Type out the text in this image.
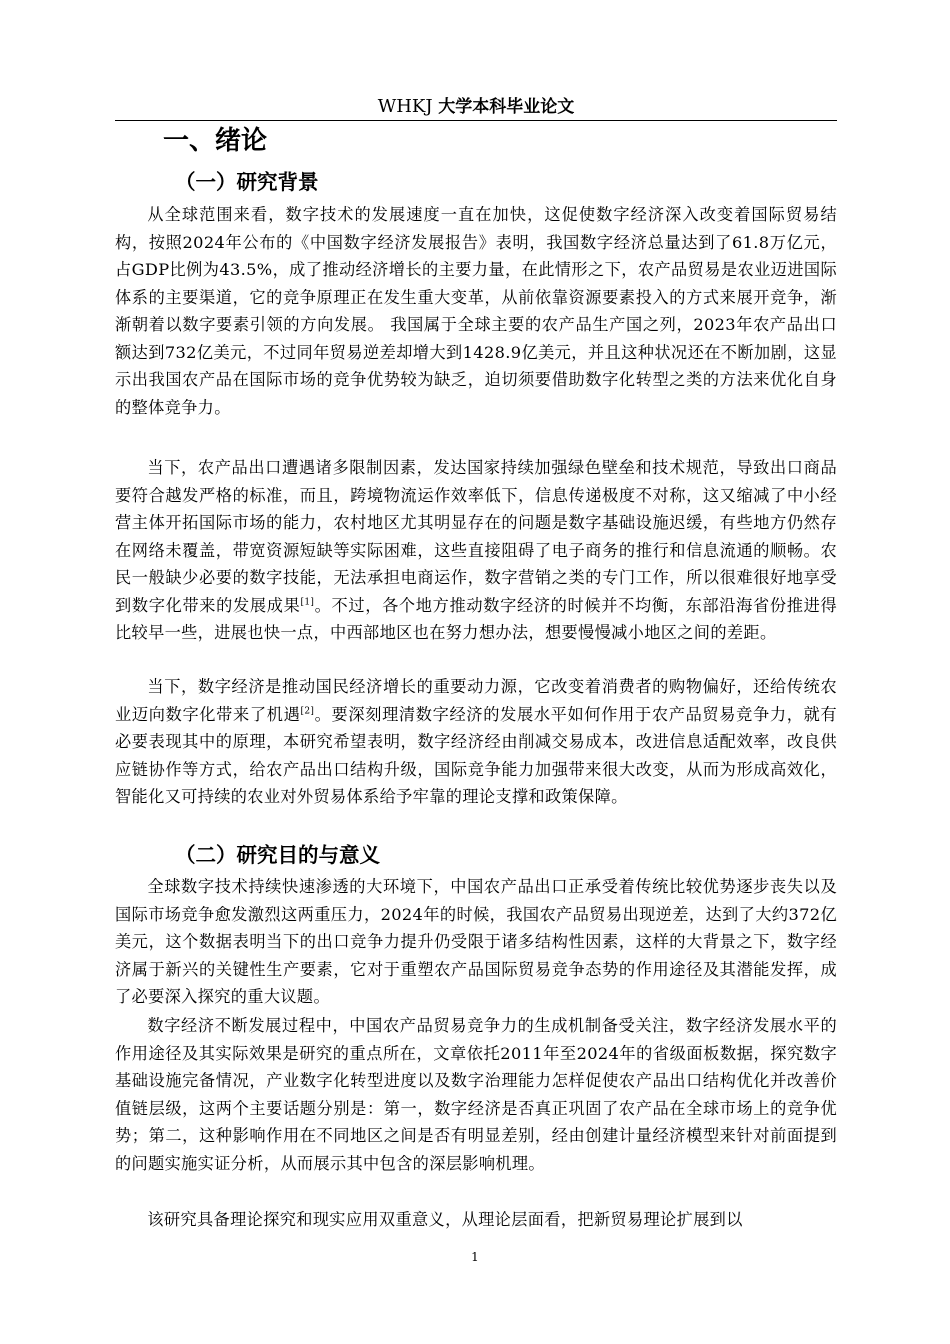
WHKJ 大学本科毕业论文
一、绪论
（一）研究背景

从全球范围来看，数字技术的发展速度一直在加快，这促使数字经济深入改变着国际贸易结构，按照2024年公布的《中国数字经济发展报告》表明，我国数字经济总量达到了61.8万亿元，占GDP比例为43.5%，成了推动经济增长的主要力量，在此情形之下，农产品贸易是农业迈进国际体系的主要渠道，它的竞争原理正在发生重大变革，从前依靠资源要素投入的方式来展开竞争，渐渐朝着以数字要素引领的方向发展。 我国属于全球主要的农产品生产国之列，2023年农产品出口额达到732亿美元，不过同年贸易逆差却增大到1428.9亿美元，并且这种状况还在不断加剧，这显示出我国农产品在国际市场的竞争优势较为缺乏，迫切须要借助数字化转型之类的方法来优化自身的整体竞争力。

当下，农产品出口遭遇诸多限制因素，发达国家持续加强绿色壁垒和技术规范，导致出口商品要符合越发严格的标准，而且，跨境物流运作效率低下，信息传递极度不对称，这又缩减了中小经营主体开拓国际市场的能力，农村地区尤其明显存在的问题是数字基础设施迟缓，有些地方仍然存在网络未覆盖，带宽资源短缺等实际困难，这些直接阻碍了电子商务的推行和信息流通的顺畅。农民一般缺少必要的数字技能，无法承担电商运作，数字营销之类的专门工作，所以很难很好地享受到数字化带来的发展成果[1]。不过，各个地方推动数字经济的时候并不均衡，东部沿海省份推进得比较早一些，进展也快一点，中西部地区也在努力想办法，想要慢慢减小地区之间的差距。

当下，数字经济是推动国民经济增长的重要动力源，它改变着消费者的购物偏好，还给传统农业迈向数字化带来了机遇[2]。要深刻理清数字经济的发展水平如何作用于农产品贸易竞争力，就有必要表现其中的原理，本研究希望表明，数字经济经由削减交易成本，改进信息适配效率，改良供应链协作等方式，给农产品出口结构升级，国际竞争能力加强带来很大改变，从而为形成高效化，智能化又可持续的农业对外贸易体系给予牢靠的理论支撑和政策保障。

（二）研究目的与意义

全球数字技术持续快速渗透的大环境下，中国农产品出口正承受着传统比较优势逐步丧失以及国际市场竞争愈发激烈这两重压力，2024年的时候，我国农产品贸易出现逆差，达到了大约372亿美元，这个数据表明当下的出口竞争力提升仍受限于诸多结构性因素，这样的大背景之下，数字经济属于新兴的关键性生产要素，它对于重塑农产品国际贸易竞争态势的作用途径及其潜能发挥，成了必要深入探究的重大议题。

数字经济不断发展过程中，中国农产品贸易竞争力的生成机制备受关注，数字经济发展水平的作用途径及其实际效果是研究的重点所在，文章依托2011年至2024年的省级面板数据，探究数字基础设施完备情况，产业数字化转型进度以及数字治理能力怎样促使农产品出口结构优化并改善价值链层级，这两个主要话题分别是：第一，数字经济是否真正巩固了农产品在全球市场上的竞争优势；第二，这种影响作用在不同地区之间是否有明显差别，经由创建计量经济模型来针对前面提到的问题实施实证分析，从而展示其中包含的深层影响机理。

该研究具备理论探究和现实应用双重意义，从理论层面看，把新贸易理论扩展到以

1
